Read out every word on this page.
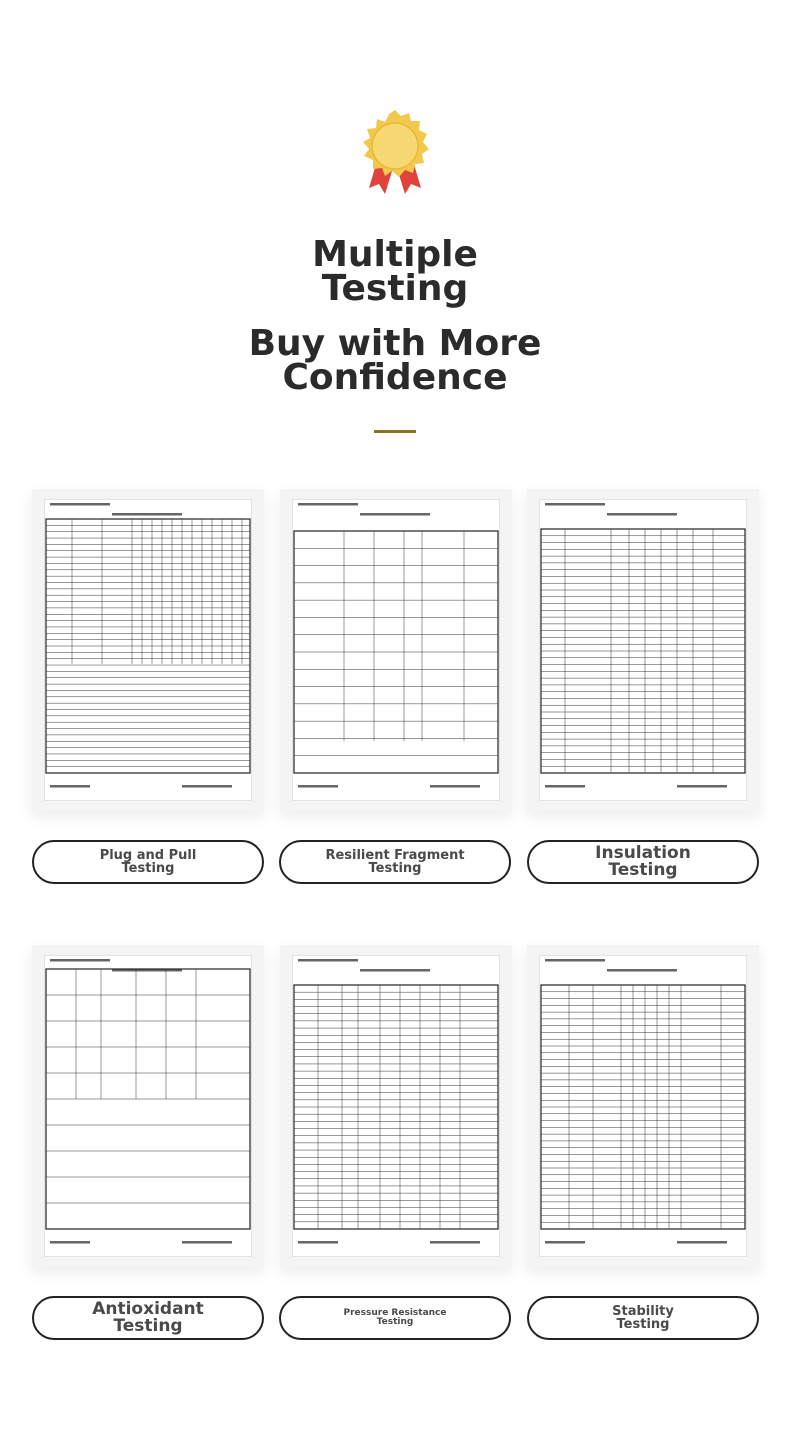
Multiple
Testing
Buy with More
Confidence
Plug and Pull
Testing
Resilient Fragment
Testing
Insulation
Testing
Antioxidant
Testing
Pressure Resistance
Testing
Stability
Testing
